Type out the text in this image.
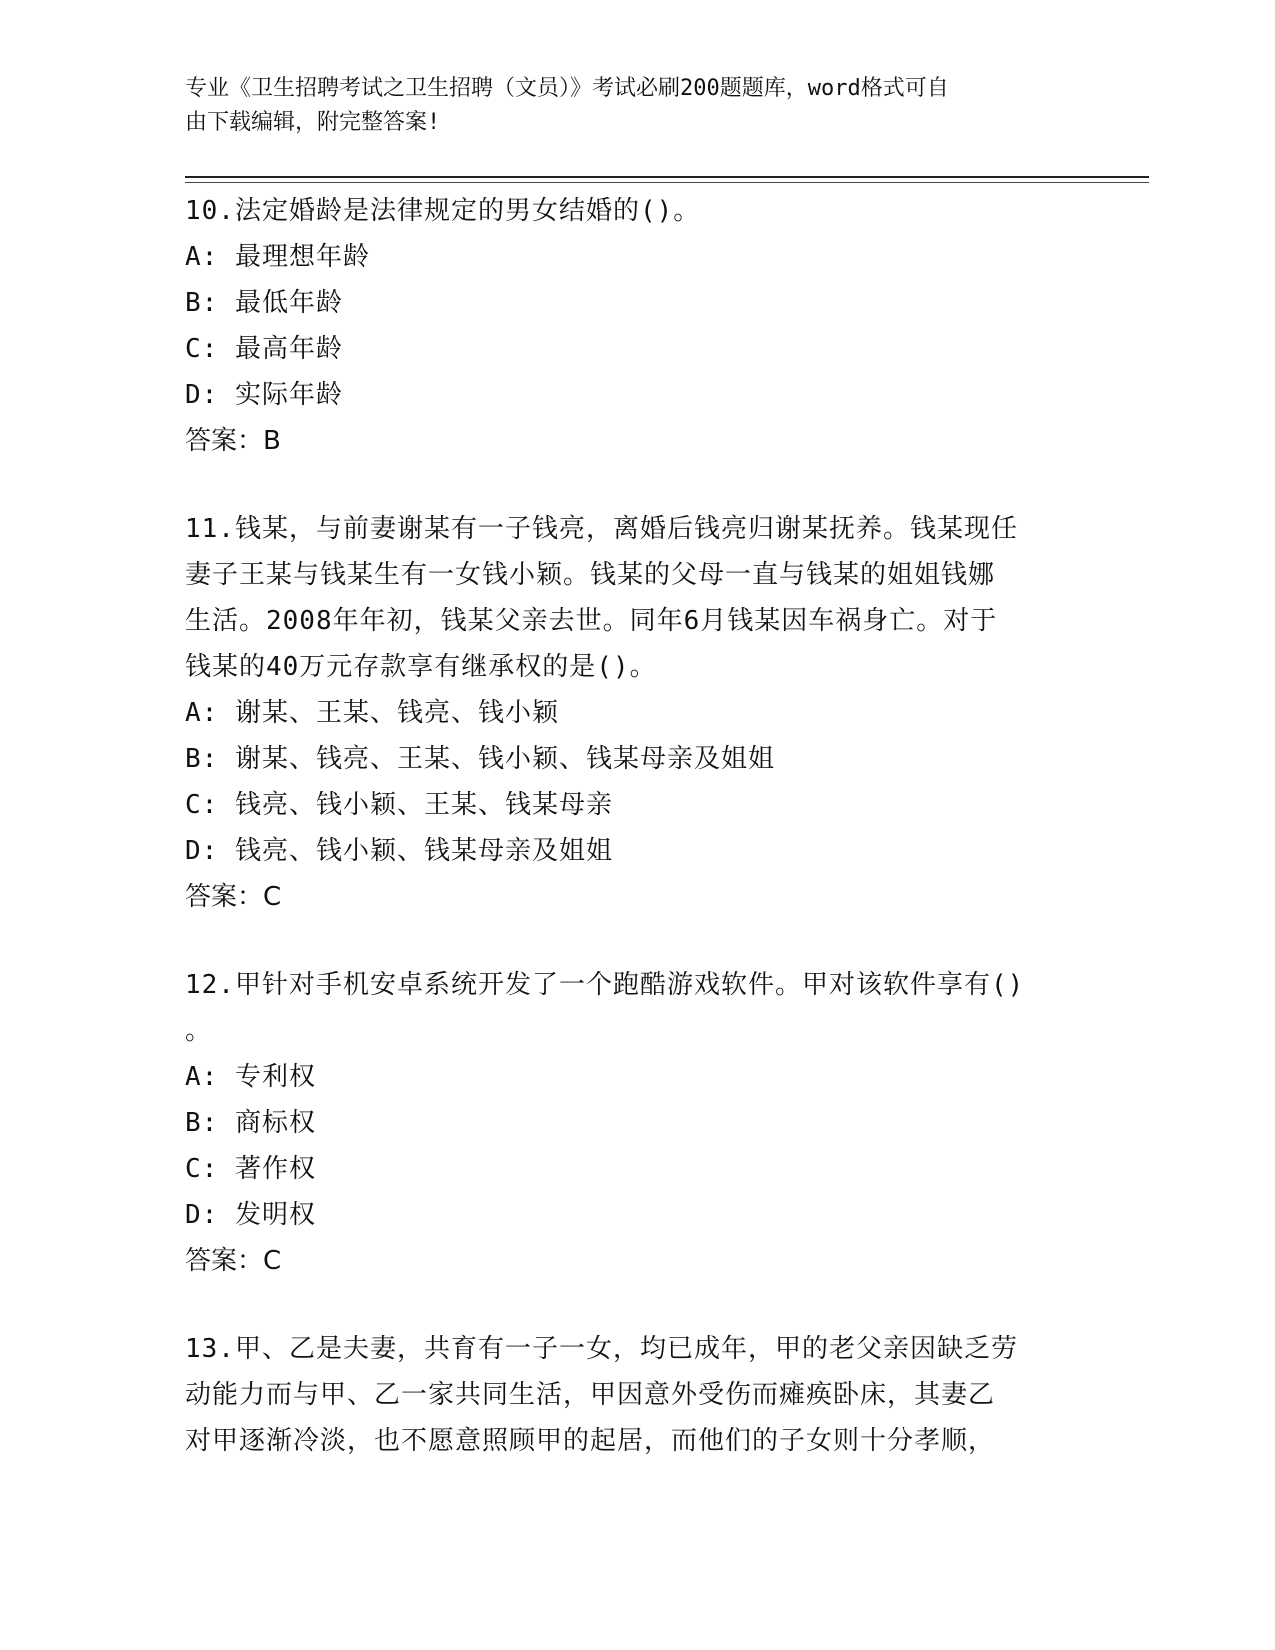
专业《卫生招聘考试之卫生招聘（文员）》考试必刷200题题库，word格式可自
由下载编辑，附完整答案!

10.法定婚龄是法律规定的男女结婚的()。

A: 最理想年龄

B: 最低年龄

C: 最高年龄

D: 实际年龄

答案：B

11.钱某，与前妻谢某有一子钱亮，离婚后钱亮归谢某抚养。钱某现任

妻子王某与钱某生有一女钱小颖。钱某的父母一直与钱某的姐姐钱娜

生活。2008年年初，钱某父亲去世。同年6月钱某因车祸身亡。对于

钱某的40万元存款享有继承权的是()。

A: 谢某、王某、钱亮、钱小颖

B: 谢某、钱亮、王某、钱小颖、钱某母亲及姐姐

C: 钱亮、钱小颖、王某、钱某母亲

D: 钱亮、钱小颖、钱某母亲及姐姐

答案：C

12.甲针对手机安卓系统开发了一个跑酷游戏软件。甲对该软件享有()

。

A: 专利权

B: 商标权

C: 著作权

D: 发明权

答案：C

13.甲、乙是夫妻，共育有一子一女，均已成年，甲的老父亲因缺乏劳

动能力而与甲、乙一家共同生活，甲因意外受伤而瘫痪卧床，其妻乙

对甲逐渐冷淡，也不愿意照顾甲的起居，而他们的子女则十分孝顺，
